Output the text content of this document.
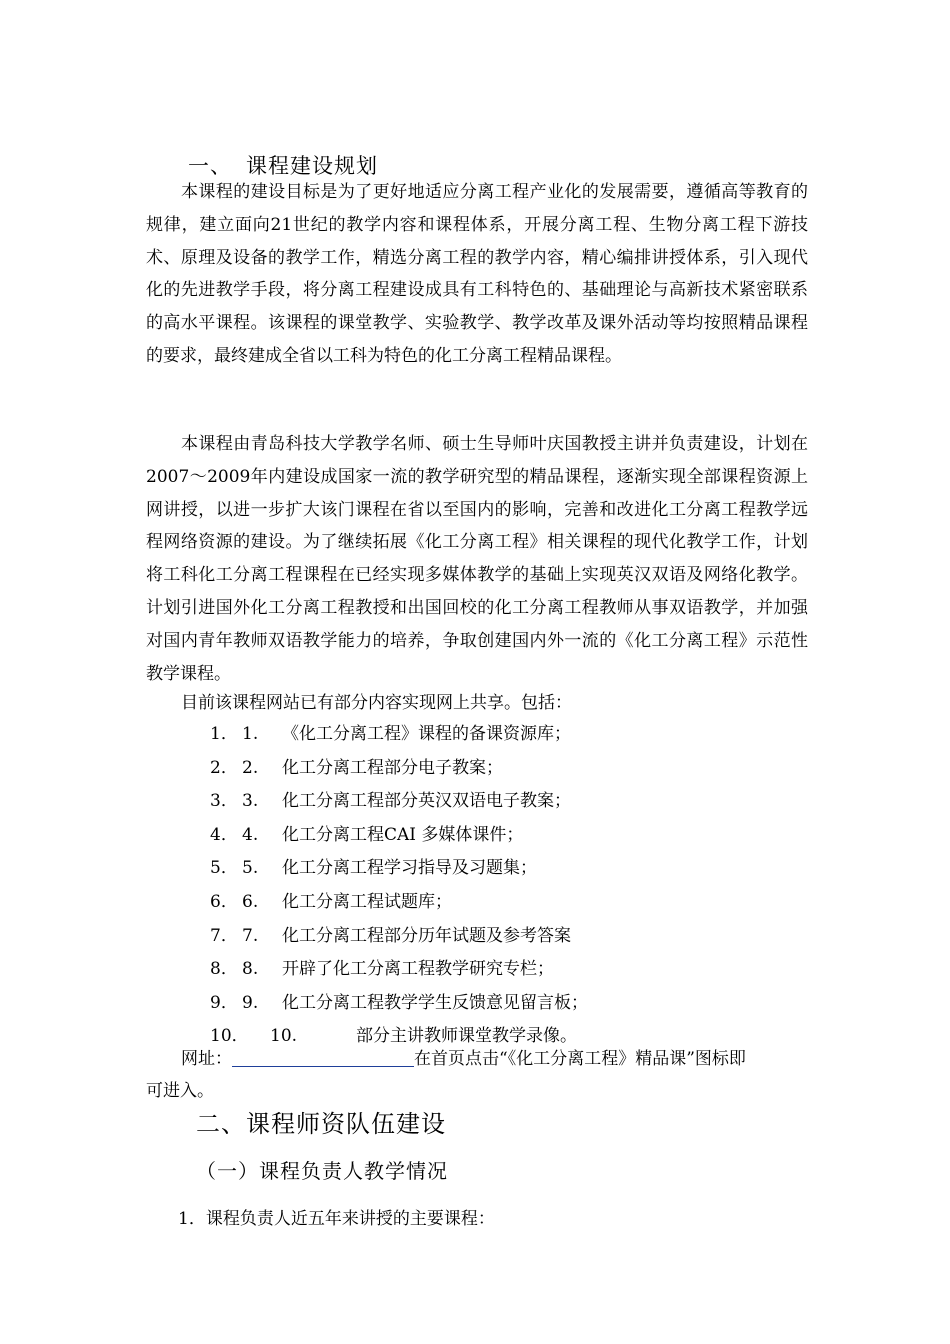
一、 课程建设规划
本课程的建设目标是为了更好地适应分离工程产业化的发展需要，遵循高等教育的规律，建立面向21世纪的教学内容和课程体系，开展分离工程、生物分离工程下游技术、原理及设备的教学工作，精选分离工程的教学内容，精心编排讲授体系，引入现代化的先进教学手段，将分离工程建设成具有工科特色的、基础理论与高新技术紧密联系的高水平课程。该课程的课堂教学、实验教学、教学改革及课外活动等均按照精品课程的要求，最终建成全省以工科为特色的化工分离工程精品课程。
本课程由青岛科技大学教学名师、硕士生导师叶庆国教授主讲并负责建设，计划在2007～2009年内建设成国家一流的教学研究型的精品课程，逐渐实现全部课程资源上网讲授，以进一步扩大该门课程在省以至国内的影响，完善和改进化工分离工程教学远程网络资源的建设。为了继续拓展《化工分离工程》相关课程的现代化教学工作，计划将工科化工分离工程课程在已经实现多媒体教学的基础上实现英汉双语及网络化教学。计划引进国外化工分离工程教授和出国回校的化工分离工程教师从事双语教学，并加强对国内青年教师双语教学能力的培养，争取创建国内外一流的《化工分离工程》示范性教学课程。
目前该课程网站已有部分内容实现网上共享。包括：
1． 1. 《化工分离工程》课程的备课资源库；
2． 2. 化工分离工程部分电子教案；
3． 3. 化工分离工程部分英汉双语电子教案；
4． 4. 化工分离工程CAI 多媒体课件；
5． 5. 化工分离工程学习指导及习题集；
6． 6. 化工分离工程试题库；
7． 7. 化工分离工程部分历年试题及参考答案
8． 8. 开辟了化工分离工程教学研究专栏；
9． 9. 化工分离工程教学学生反馈意见留言板；
10． 10.	部分主讲教师课堂教学录像。
网址：	在首页点击“《化工分离工程》精品课”图标即
可进入。
二、课程师资队伍建设
（一）课程负责人教学情况
1．课程负责人近五年来讲授的主要课程：
